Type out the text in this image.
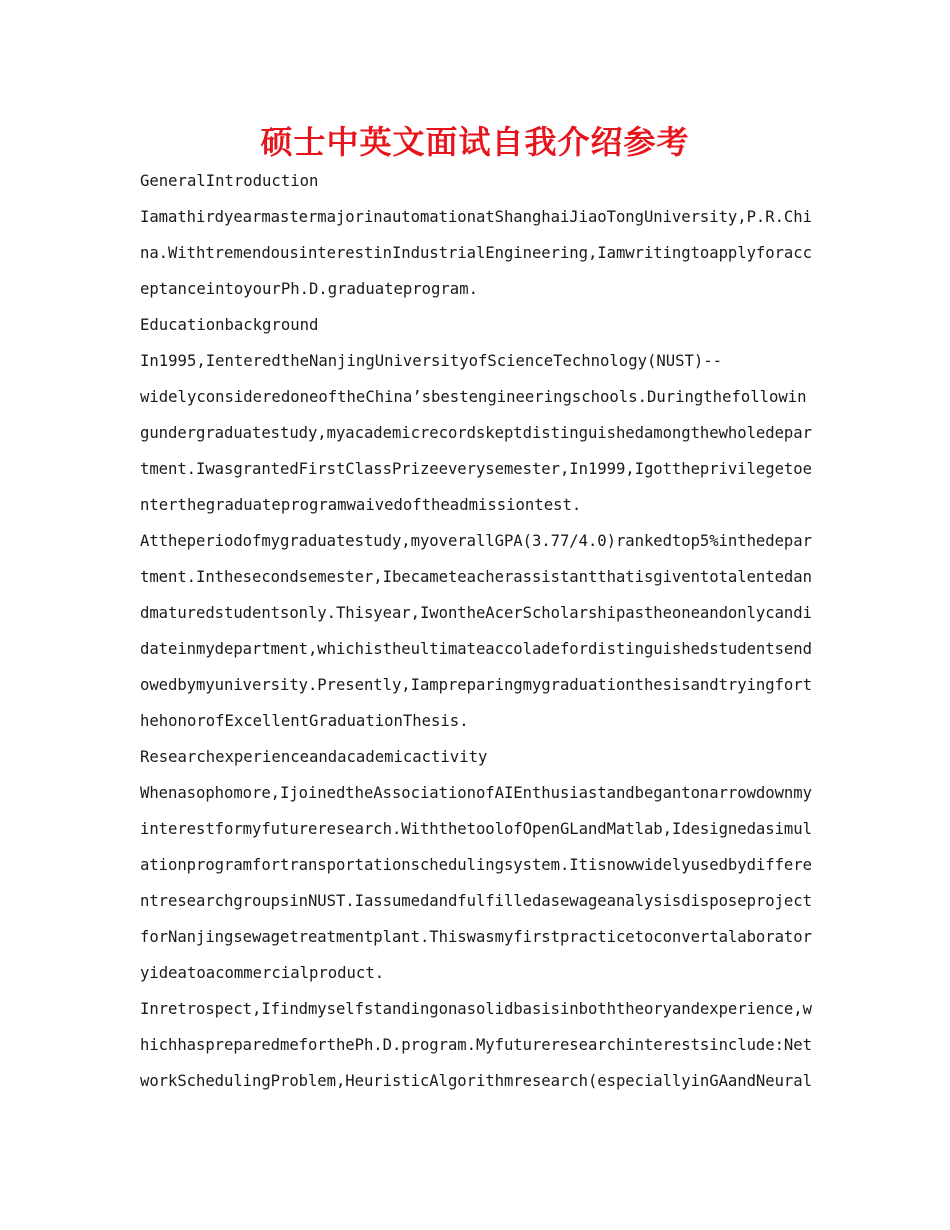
硕士中英文面试自我介绍参考
GeneralIntroduction
IamathirdyearmastermajorinautomationatShanghaiJiaoTongUniversity,P.R.Chi
na.WithtremendousinterestinIndustrialEngineering,Iamwritingtoapplyforacc
eptanceintoyourPh.D.graduateprogram.
Educationbackground
In1995,IenteredtheNanjingUniversityofScienceTechnology(NUST)--
widelyconsideredoneoftheChina’sbestengineeringschools.Duringthefollowin
gundergraduatestudy,myacademicrecordskeptdistinguishedamongthewholedepar
tment.IwasgrantedFirstClassPrizeeverysemester,In1999,Igottheprivilegetoe
nterthegraduateprogramwaivedoftheadmissiontest.
Attheperiodofmygraduatestudy,myoverallGPA(3.77/4.0)rankedtop5%inthedepar
tment.Inthesecondsemester,Ibecameteacherassistantthatisgiventotalentedan
dmaturedstudentsonly.Thisyear,IwontheAcerScholarshipastheoneandonlycandi
dateinmydepartment,whichistheultimateaccoladefordistinguishedstudentsend
owedbymyuniversity.Presently,Iampreparingmygraduationthesisandtryingfort
hehonorofExcellentGraduationThesis.
Researchexperienceandacademicactivity
Whenasophomore,IjoinedtheAssociationofAIEnthusiastandbegantonarrowdownmy
interestformyfutureresearch.WiththetoolofOpenGLandMatlab,Idesignedasimul
ationprogramfortransportationschedulingsystem.Itisnowwidelyusedbydiffere
ntresearchgroupsinNUST.Iassumedandfulfilledasewageanalysisdisposeproject
forNanjingsewagetreatmentplant.Thiswasmyfirstpracticetoconvertalaborator
yideatoacommercialproduct.
Inretrospect,Ifindmyselfstandingonasolidbasisinboththeoryandexperience,w
hichhaspreparedmeforthePh.D.program.Myfutureresearchinterestsinclude:Net
workSchedulingProblem,HeuristicAlgorithmresearch(especiallyinGAandNeural
